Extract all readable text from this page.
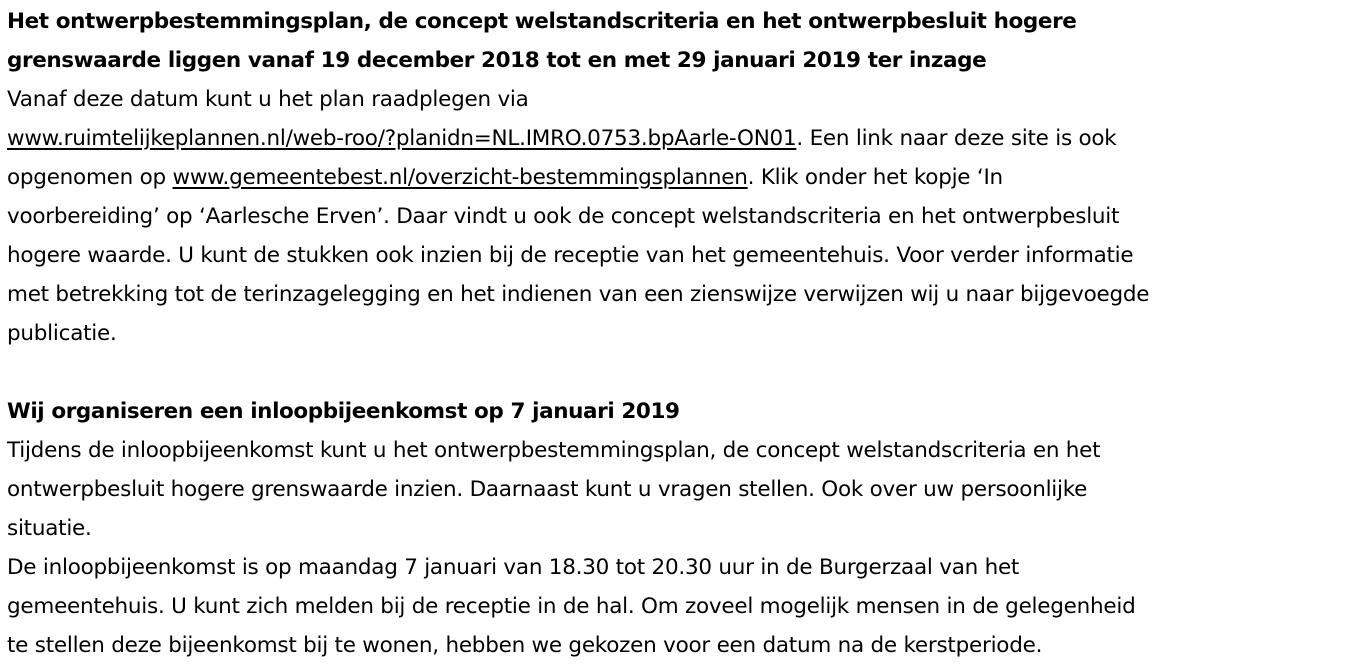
Het ontwerpbestemmingsplan, de concept welstandscriteria en het ontwerpbesluit hogere
grenswaarde liggen vanaf 19 december 2018 tot en met 29 januari 2019 ter inzage
Vanaf deze datum kunt u het plan raadplegen via
www.ruimtelijkeplannen.nl/web-roo/?planidn=NL.IMRO.0753.bpAarle-ON01. Een link naar deze site is ook
opgenomen op www.gemeentebest.nl/overzicht-bestemmingsplannen. Klik onder het kopje ‘In
voorbereiding’ op ‘Aarlesche Erven’. Daar vindt u ook de concept welstandscriteria en het ontwerpbesluit
hogere waarde. U kunt de stukken ook inzien bij de receptie van het gemeentehuis. Voor verder informatie
met betrekking tot de terinzagelegging en het indienen van een zienswijze verwijzen wij u naar bijgevoegde
publicatie.
Wij organiseren een inloopbijeenkomst op 7 januari 2019
Tijdens de inloopbijeenkomst kunt u het ontwerpbestemmingsplan, de concept welstandscriteria en het
ontwerpbesluit hogere grenswaarde inzien. Daarnaast kunt u vragen stellen. Ook over uw persoonlijke
situatie.
De inloopbijeenkomst is op maandag 7 januari van 18.30 tot 20.30 uur in de Burgerzaal van het
gemeentehuis. U kunt zich melden bij de receptie in de hal. Om zoveel mogelijk mensen in de gelegenheid
te stellen deze bijeenkomst bij te wonen, hebben we gekozen voor een datum na de kerstperiode.
